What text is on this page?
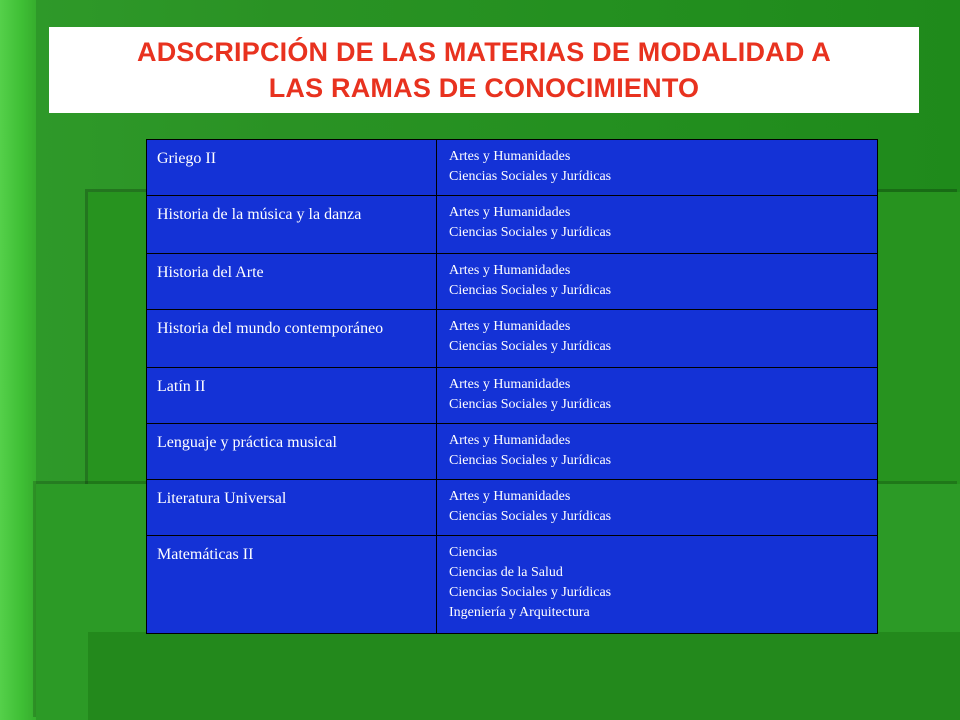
ADSCRIPCIÓN DE LAS MATERIAS DE MODALIDAD A
LAS RAMAS DE CONOCIMIENTO
Griego II	Artes y Humanidades
Ciencias Sociales y Jurídicas

Historia de la música y la danza	Artes y Humanidades
Ciencias Sociales y Jurídicas

Historia del Arte	Artes y Humanidades
Ciencias Sociales y Jurídicas

Historia del mundo contemporáneo	Artes y Humanidades
Ciencias Sociales y Jurídicas

Latín II	Artes y Humanidades
Ciencias Sociales y Jurídicas

Lenguaje y práctica musical	Artes y Humanidades
Ciencias Sociales y Jurídicas

Literatura Universal	Artes y Humanidades
Ciencias Sociales y Jurídicas

Matemáticas II	Ciencias
Ciencias de la Salud
Ciencias Sociales y Jurídicas
Ingeniería y Arquitectura
